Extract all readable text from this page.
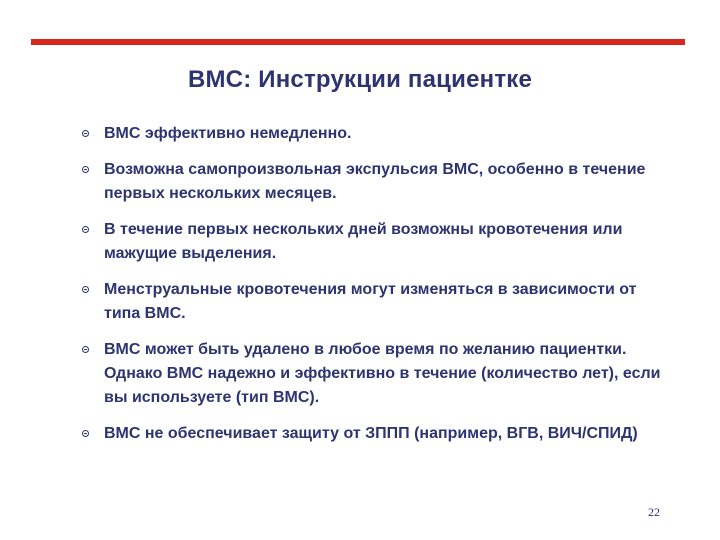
ВМС: Инструкции пациентке
ВМС эффективно немедленно.
Возможна самопроизвольная экспульсия ВМС, особенно в течение первых нескольких месяцев.
В течение первых нескольких дней возможны кровотечения или мажущие выделения.
Менструальные кровотечения могут изменяться в зависимости от типа ВМС.
ВМС может быть удалено в любое время по желанию пациентки. Однако ВМС надежно и эффективно в течение (количество лет), если вы используете (тип ВМС).
ВМС не обеспечивает защиту от ЗППП (например, ВГВ, ВИЧ/СПИД)
22
